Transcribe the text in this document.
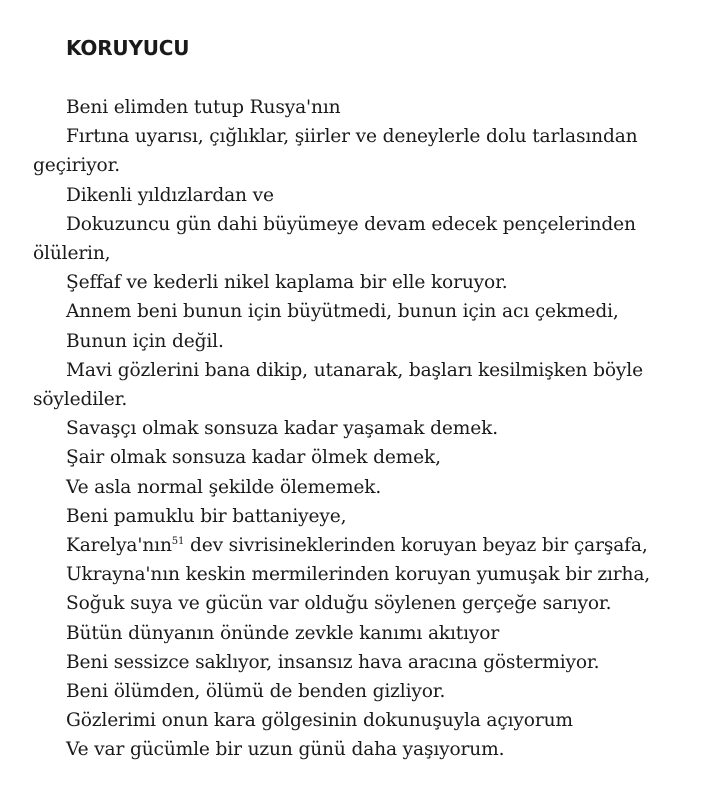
KORUYUCU
Beni elimden tutup Rusya'nın
Fırtına uyarısı, çığlıklar, şiirler ve deneylerle dolu tarlasından geçiriyor.
Dikenli yıldızlardan ve
Dokuzuncu gün dahi büyümeye devam edecek pençelerinden ölülerin,
Şeffaf ve kederli nikel kaplama bir elle koruyor.
Annem beni bunun için büyütmedi, bunun için acı çekmedi,
Bunun için değil.
Mavi gözlerini bana dikip, utanarak, başları kesilmişken böyle söylediler.
Savaşçı olmak sonsuza kadar yaşamak demek.
Şair olmak sonsuza kadar ölmek demek,
Ve asla normal şekilde ölememek.
Beni pamuklu bir battaniyeye,
Karelya'nın$^{51}$ dev sivrisineklerinden koruyan beyaz bir çarşafa,
Ukrayna'nın keskin mermilerinden koruyan yumuşak bir zırha,
Soğuk suya ve gücün var olduğu söylenen gerçeğe sarıyor.
Bütün dünyanın önünde zevkle kanımı akıtıyor
Beni sessizce saklıyor, insansız hava aracına göstermiyor.
Beni ölümden, ölümü de benden gizliyor.
Gözlerimi onun kara gölgesinin dokunuşuyla açıyorum
Ve var gücümle bir uzun günü daha yaşıyorum.
